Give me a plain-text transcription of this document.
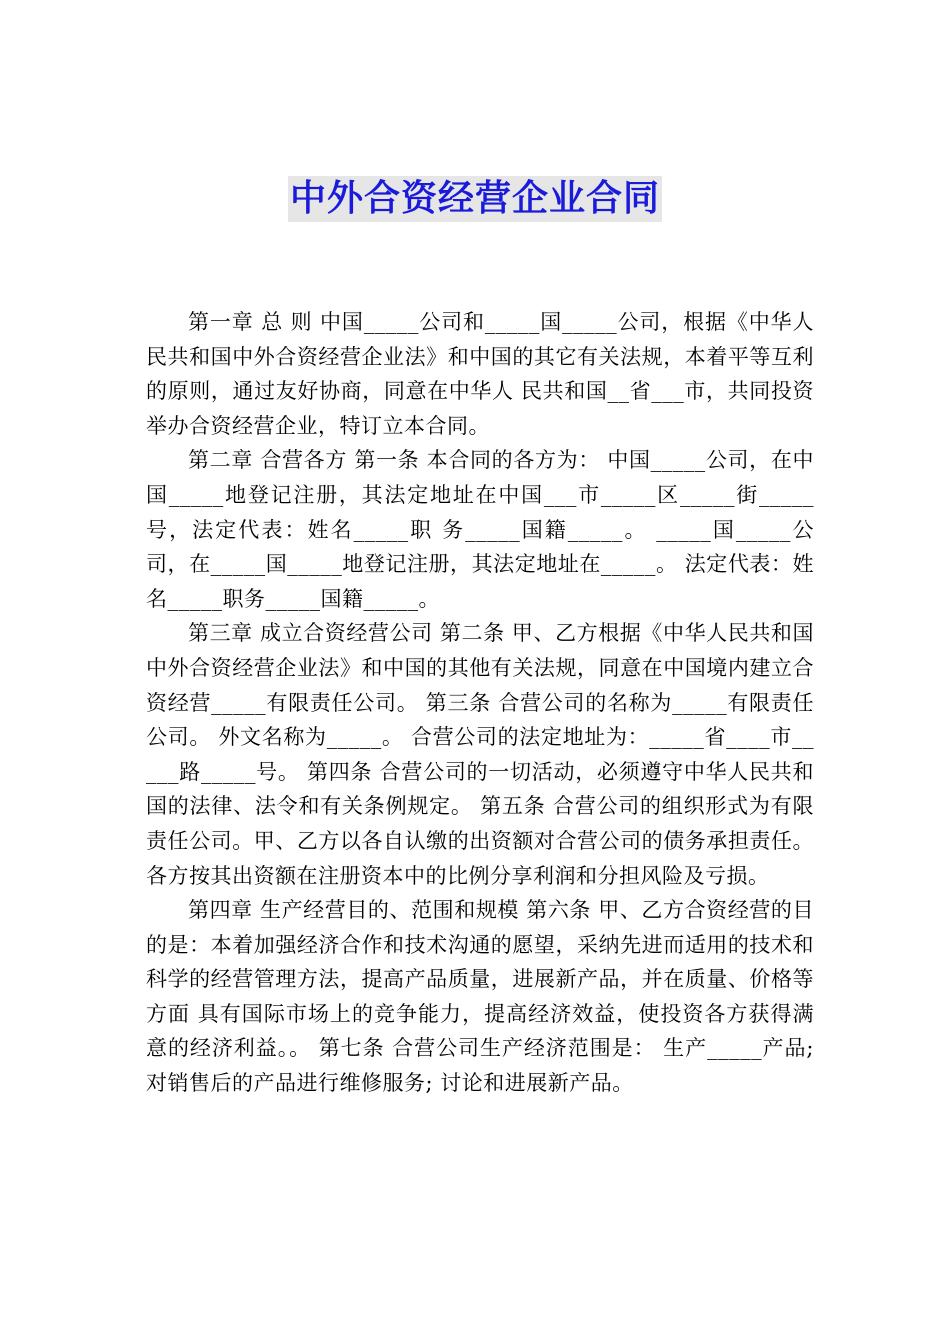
中外合资经营企业合同

第一章 总 则 中国_____公司和_____国_____公司，根据《中华人民共和国中外合资经营企业法》和中国的其它有关法规，本着平等互利的原则，通过友好协商，同意在中华人 民共和国__省___市，共同投资举办合资经营企业，特订立本合同。

第二章 合营各方 第一条 本合同的各方为： 中国_____公司，在中国_____地登记注册，其法定地址在中国___市_____区_____街_____号，法定代表：姓名_____职 务_____国籍_____。 _____国_____公司，在_____国_____地登记注册，其法定地址在_____。 法定代表：姓名_____职务_____国籍_____。

第三章 成立合资经营公司 第二条 甲、乙方根据《中华人民共和国中外合资经营企业法》和中国的其他有关法规，同意在中国境内建立合资经营_____有限责任公司。 第三条 合营公司的名称为_____有限责任公司。 外文名称为_____。 合营公司的法定地址为：_____省____市_____路_____号。 第四条 合营公司的一切活动，必须遵守中华人民共和国的法律、法令和有关条例规定。 第五条 合营公司的组织形式为有限责任公司。甲、乙方以各自认缴的出资额对合营公司的债务承担责任。各方按其出资额在注册资本中的比例分享利润和分担风险及亏损。

第四章 生产经营目的、范围和规模 第六条 甲、乙方合资经营的目的是：本着加强经济合作和技术沟通的愿望，采纳先进而适用的技术和科学的经营管理方法，提高产品质量，进展新产品，并在质量、价格等方面 具有国际市场上的竞争能力，提高经济效益，使投资各方获得满意的经济利益。。 第七条 合营公司生产经济范围是： 生产_____产品; 对销售后的产品进行维修服务; 讨论和进展新产品。
